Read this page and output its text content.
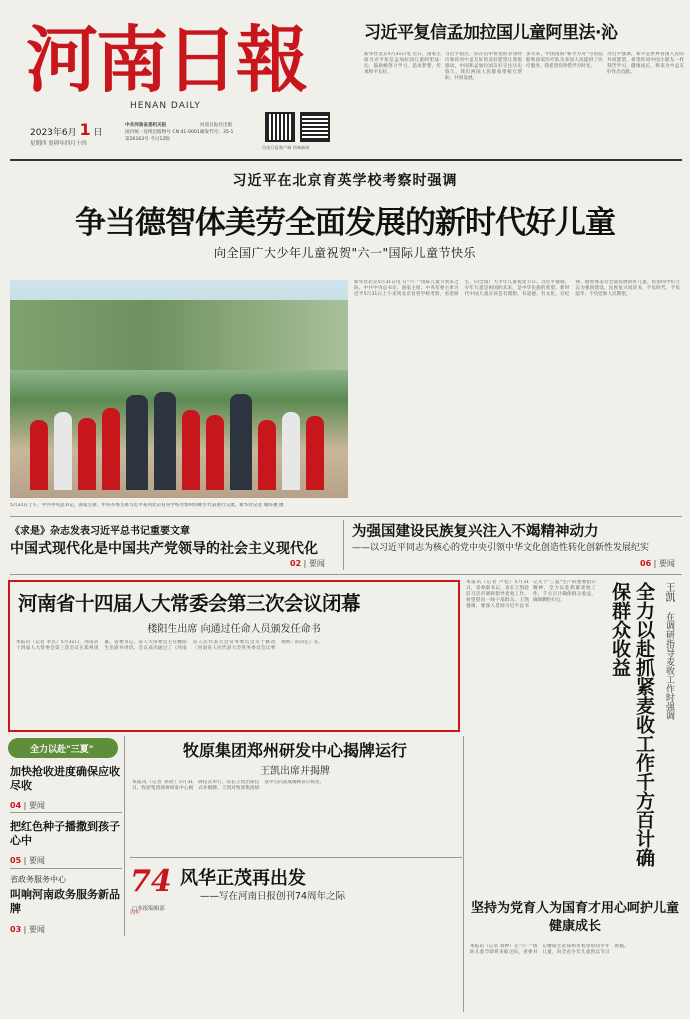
河南日報
HENAN DAILY
2023年6月 1 日
星期四 癸卯年四月十四
中共河南省委机关报
国内统一连续出版物号 CN 41-0001
第26163号 今日12版
河南日报社出版
邮发代号：35-1
河南日报客户端 顶端新闻
习近平复信孟加拉国儿童阿里法·沁
新华社北京5月31日电 近日，国家主席习近平复信孟加拉国儿童阿里法·沁，鼓励她努力学习，追求梦想，传承和平友好。
习近平指出，你在信中讲述的亲身经历和你对中孟友好的美好愿望让我很感动。中国和孟加拉国友好交往历史悠久，我们两国人民都希望相互帮助，共同发展。
多年来，中国南海"和平方舟"号医院船和国家医疗队为多国人民提供了医疗服务，我希望你珍惜学习时光。
习近平强调，和平是世界各国人民的共同愿望，希望你同中国小朋友一样刻苦学习，健康成长，将来为中孟友好作出贡献。
习近平在北京育英学校考察时强调
争当德智体美劳全面发展的新时代好儿童
向全国广大少年儿童祝贺"六一"国际儿童节快乐
新华社北京5月31日电 在"六一"国际儿童节到来之际，中共中央总书记、国家主席、中央军委主席习近平5月31日上午来到北京育英学校考察，看望师生，向全国广大少年儿童祝贺节日。习近平强调，少年儿童是祖国的未来，是中华民族的希望。新时代中国儿童应该是有理想、有道德、有文化、有纪律，德智体美劳全面发展的好儿童。希望同学们立志为强国建设、民族复兴而读书，不负时代，不负韶华，不负党和人民期望。
5月31日上午，中共中央总书记、国家主席、中央军委主席习近平来到北京育英学校考察时同师生代表进行交流。新华社记者 谢环驰 摄
《求是》杂志发表习近平总书记重要文章
中国式现代化是中国共产党领导的社会主义现代化
02 | 要闻
为强国建设民族复兴注入不竭精神动力
——以习近平同志为核心的党中央引领中华文化创造性转化创新性发展纪实
06 | 要闻
河南省十四届人大常委会第三次会议闭幕
楼阳生出席 向通过任命人员颁发任命书
本报讯（记者 李点）5月31日，河南省十四届人大常委会第三次会议在郑州闭幕。省委书记、省人大常委会主任楼阳生出席并讲话。会议表决通过了《河南省人民代表大会常务委员会关于修改〈河南省人民代表大会常务委员会议事规则〉的决定》等。
本报讯（记者 卢松）5月31日，省委副书记、省长王凯赴驻马店市调研指导麦收工作，看望慰问一线干部群众。王凯强调，要深入贯彻习近平总书记关于"三夏"生产的重要指示精神，全力以赴抓紧麦收工作，千方百计确保群众收益，确保颗粒归仓。	全力以赴抓紧麦收工作千方百计确保群众收益	王凯
在调研指导麦收工作时强调
全力以赴"三夏"
加快抢收进度确保应收尽收
04 | 要闻
把红色种子播撒到孩子心中
05 | 要闻
省政务服务中心
叫响河南政务服务新品牌
03 | 要闻
牧原集团郑州研发中心揭牌运行
王凯出席并揭牌
本报讯（记者 孙欣）5月31日，牧原集团郑州研发中心揭牌仪式举行。省长王凯出席仪式并揭牌。王凯对牧原集团研发中心的落成揭牌表示祝贺。
74 周年
风华正茂再出发
——写在河南日报创刊74周年之际
□本报编辑部	坚持为党育人为国育才用心呵护儿童健康成长
本报讯（记者 刘婷）在"六一"国际儿童节即将来临之际，省委书记楼阳生赴郑州市看望慰问少年儿童，向全省少年儿童致以节日祝福。
